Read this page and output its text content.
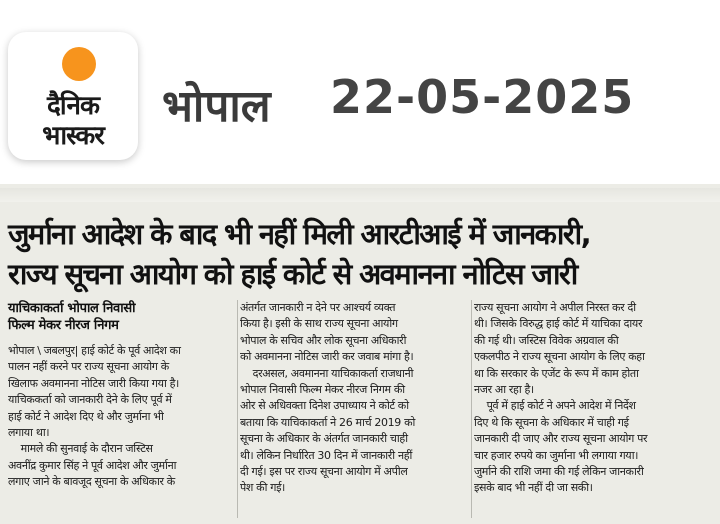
दैनिक
भास्कर
भोपाल 22-05-2025
जुर्माना आदेश के बाद भी नहीं मिली आरटीआई में जानकारी,
राज्य सूचना आयोग को हाई कोर्ट से अवमानना नोटिस जारी
याचिकाकर्ता भोपाल निवासी
फिल्म मेकर नीरज निगम
भोपाल \ जबलपुर| हाई कोर्ट के पूर्व आदेश का
पालन नहीं करने पर राज्य सूचना आयोग के
खिलाफ अवमानना नोटिस जारी किया गया है।
याचिककर्ता को जानकारी देने के लिए पूर्व में
हाई कोर्ट ने आदेश दिए थे और जुर्माना भी
लगाया था।
मामले की सुनवाई के दौरान जस्टिस
अवनींद्र कुमार सिंह ने पूर्व आदेश और जुर्माना
लगाए जाने के बावजूद सूचना के अधिकार के
अंतर्गत जानकारी न देने पर आश्चर्य व्यक्त
किया है। इसी के साथ राज्य सूचना आयोग
भोपाल के सचिव और लोक सूचना अधिकारी
को अवमानना नोटिस जारी कर जवाब मांगा है।
दरअसल, अवमानना याचिकाकर्ता राजधानी
भोपाल निवासी फिल्म मेकर नीरज निगम की
ओर से अधिवक्ता दिनेश उपाध्याय ने कोर्ट को
बताया कि याचिकाकर्ता ने 26 मार्च 2019 को
सूचना के अधिकार के अंतर्गत जानकारी चाही
थी। लेकिन निर्धारित 30 दिन में जानकारी नहीं
दी गई। इस पर राज्य सूचना आयोग में अपील
पेश की गई।
राज्य सूचना आयोग ने अपील निरस्त कर दी
थी। जिसके विरुद्ध हाई कोर्ट में याचिका दायर
की गई थी। जस्टिस विवेक अग्रवाल की
एकलपीठ ने राज्य सूचना आयोग के लिए कहा
था कि सरकार के एजेंट के रूप में काम होता
नजर आ रहा है।
पूर्व में हाई कोर्ट ने अपने आदेश में निर्देश
दिए थे कि सूचना के अधिकार में चाही गई
जानकारी दी जाए और राज्य सूचना आयोग पर
चार हजार रुपये का जुर्माना भी लगाया गया।
जुर्माने की राशि जमा की गई लेकिन जानकारी
इसके बाद भी नहीं दी जा सकी।
